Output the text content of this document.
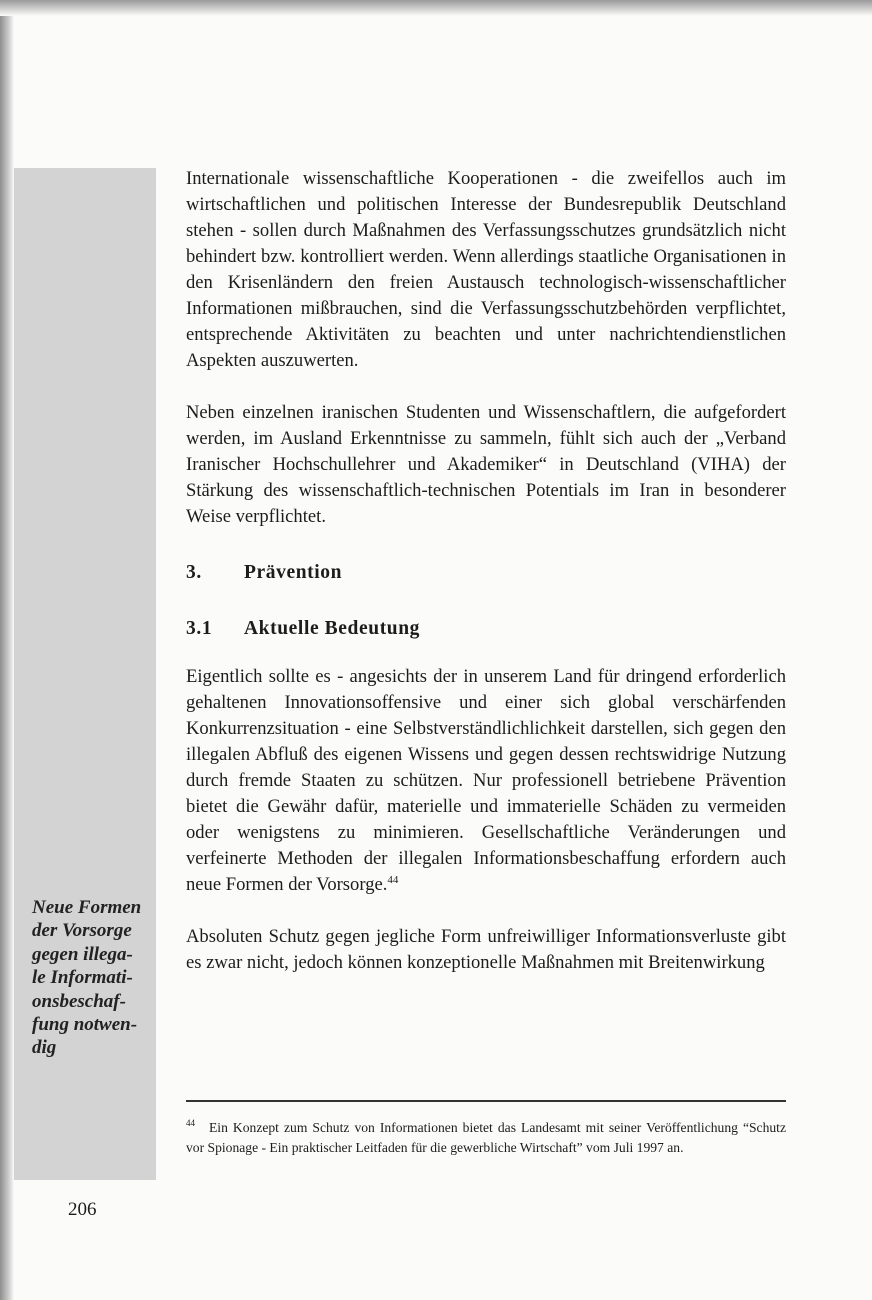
Neue Formen
der Vorsorge
gegen illega-
le Informati-
onsbeschaf-
fung notwen-
dig

Internationale wissenschaftliche Kooperationen - die zweifellos auch im wirtschaftlichen und politischen Interesse der Bundesrepublik Deutschland stehen - sollen durch Maßnahmen des Verfassungsschutzes grundsätzlich nicht behindert bzw. kontrolliert werden. Wenn allerdings staatliche Organisationen in den Krisenländern den freien Austausch technologisch-wissenschaftlicher Informationen mißbrauchen, sind die Verfassungsschutzbehörden verpflichtet, entsprechende Aktivitäten zu beachten und unter nachrichtendienstlichen Aspekten auszuwerten.

Neben einzelnen iranischen Studenten und Wissenschaftlern, die aufgefordert werden, im Ausland Erkenntnisse zu sammeln, fühlt sich auch der „Verband Iranischer Hochschullehrer und Akademiker“ in Deutschland (VIHA) der Stärkung des wissenschaftlich-technischen Potentials im Iran in besonderer Weise verpflichtet.

3. Prävention
3.1 Aktuelle Bedeutung

Eigentlich sollte es - angesichts der in unserem Land für dringend erforderlich gehaltenen Innovationsoffensive und einer sich global verschärfenden Konkurrenzsituation - eine Selbstverständlichlichkeit darstellen, sich gegen den illegalen Abfluß des eigenen Wissens und gegen dessen rechtswidrige Nutzung durch fremde Staaten zu schützen. Nur professionell betriebene Prävention bietet die Gewähr dafür, materielle und immaterielle Schäden zu vermeiden oder wenigstens zu minimieren. Gesellschaftliche Veränderungen und verfeinerte Methoden der illegalen Informationsbeschaffung erfordern auch neue Formen der Vorsorge.$^{44}$

Absoluten Schutz gegen jegliche Form unfreiwilliger Informationsverluste gibt es zwar nicht, jedoch können konzeptionelle Maßnahmen mit Breitenwirkung

$^{44}$ Ein Konzept zum Schutz von Informationen bietet das Landesamt mit seiner Veröffentlichung “Schutz vor Spionage - Ein praktischer Leitfaden für die gewerbliche Wirtschaft” vom Juli 1997 an.
206
